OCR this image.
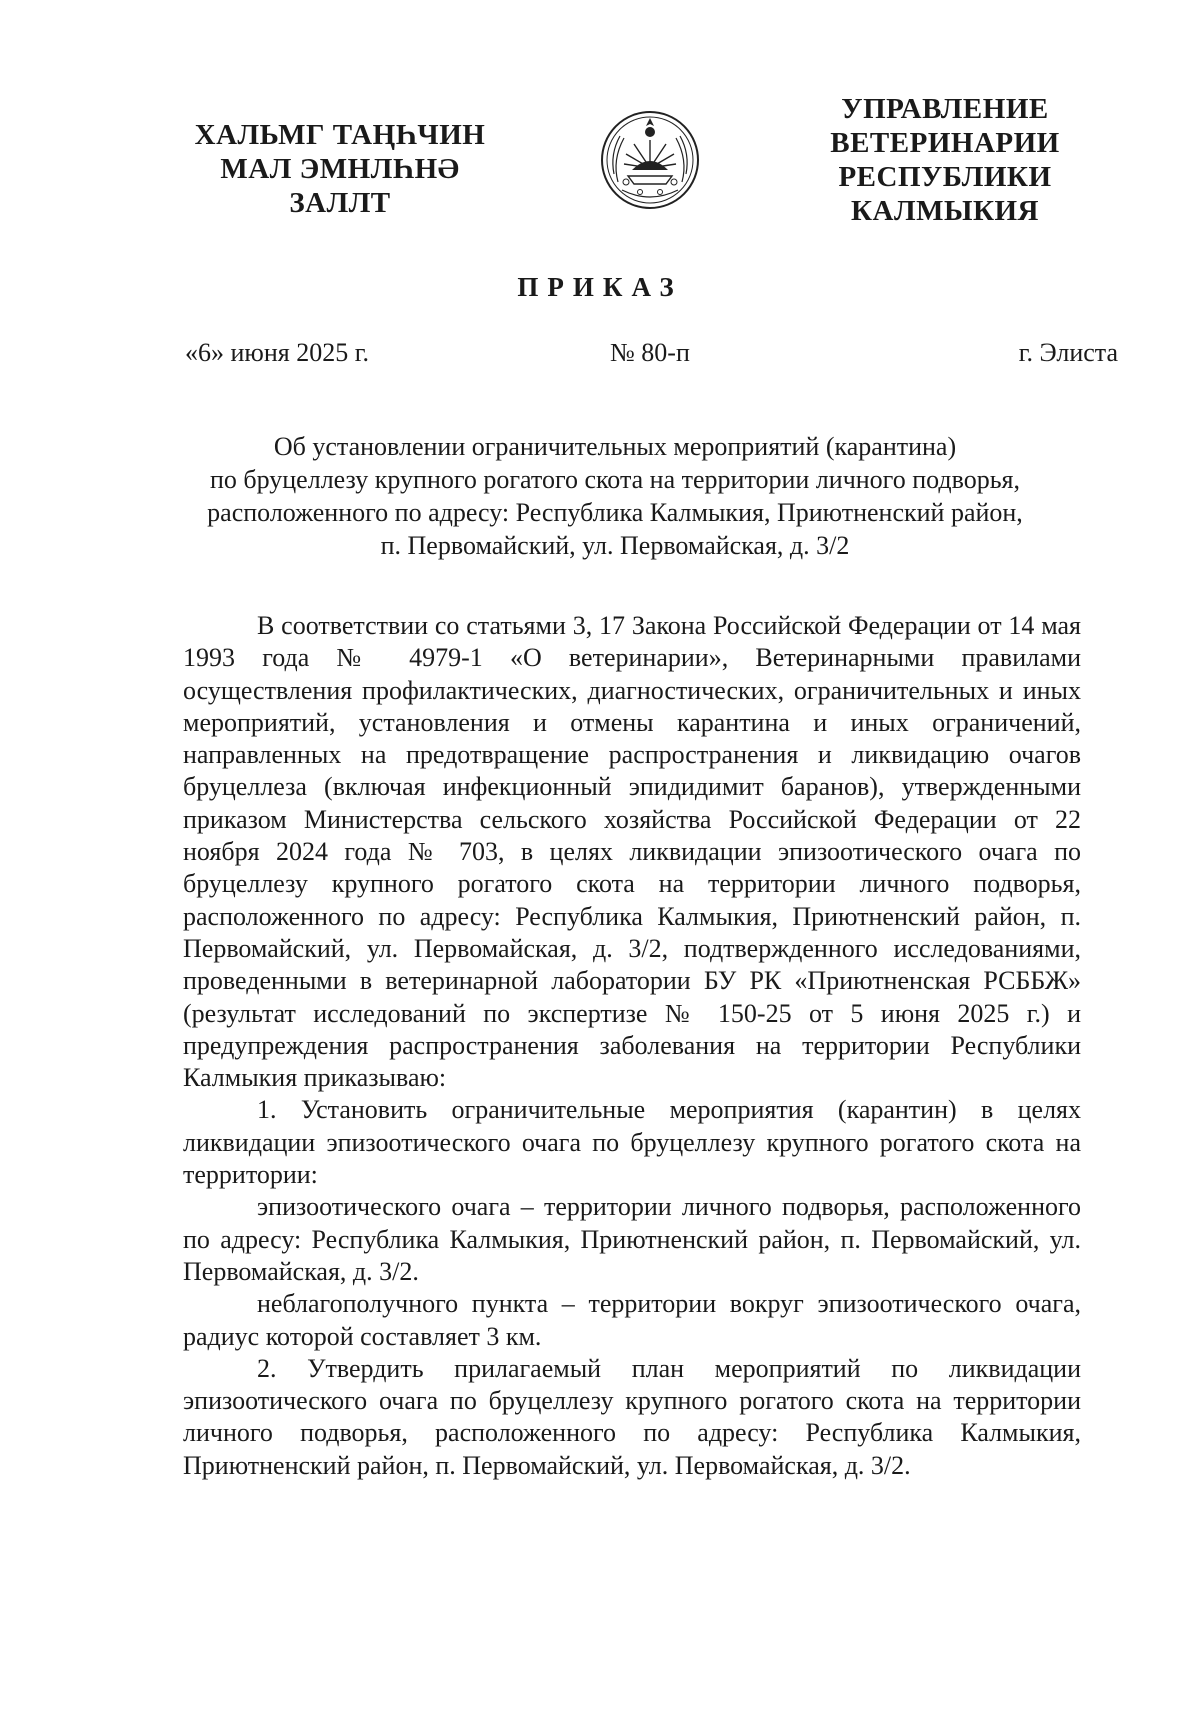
ХАЛЬМГ ТАҢҺЧИН
МАЛ ЭМНЛҺНӘ
ЗАЛЛТ
УПРАВЛЕНИЕ
ВЕТЕРИНАРИИ
РЕСПУБЛИКИ
КАЛМЫКИЯ
ПРИКАЗ
«6» июня 2025 г.	№ 80-п	г. Элиста
Об установлении ограничительных мероприятий (карантина)
по бруцеллезу крупного рогатого скота на территории личного подворья,
расположенного по адресу: Республика Калмыкия, Приютненский район,
п. Первомайский, ул. Первомайская, д. 3/2

В соответствии со статьями 3, 17 Закона Российской Федерации от 14 мая 1993 года № 4979-1 «О ветеринарии», Ветеринарными правилами осуществления профилактических, диагностических, ограничительных и иных мероприятий, установления и отмены карантина и иных ограничений, направленных на предотвращение распространения и ликвидацию очагов бруцеллеза (включая инфекционный эпидидимит баранов), утвержденными приказом Министерства сельского хозяйства Российской Федерации от 22 ноября 2024 года № 703, в целях ликвидации эпизоотического очага по бруцеллезу крупного рогатого скота на территории личного подворья, расположенного по адресу: Республика Калмыкия, Приютненский район, п. Первомайский, ул. Первомайская, д. 3/2, подтвержденного исследованиями, проведенными в ветеринарной лаборатории БУ РК «Приютненская РСББЖ» (результат исследований по экспертизе № 150-25 от 5 июня 2025 г.) и предупреждения распространения заболевания на территории Республики Калмыкия приказываю:

1. Установить ограничительные мероприятия (карантин) в целях ликвидации эпизоотического очага по бруцеллезу крупного рогатого скота на территории:

эпизоотического очага – территории личного подворья, расположенного по адресу: Республика Калмыкия, Приютненский район, п. Первомайский, ул. Первомайская, д. 3/2.

неблагополучного пункта – территории вокруг эпизоотического очага, радиус которой составляет 3 км.

2. Утвердить прилагаемый план мероприятий по ликвидации эпизоотического очага по бруцеллезу крупного рогатого скота на территории личного подворья, расположенного по адресу: Республика Калмыкия, Приютненский район, п. Первомайский, ул. Первомайская, д. 3/2.
